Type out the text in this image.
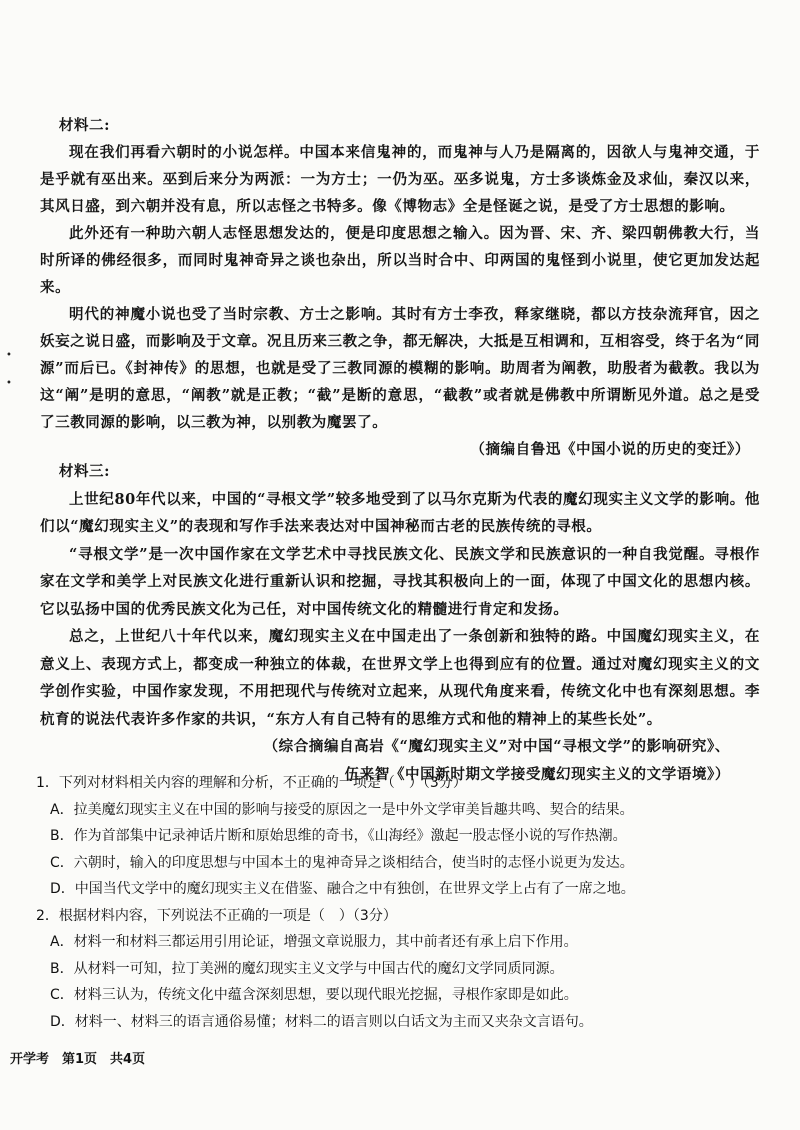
•
•

材料二:

现在我们再看六朝时的小说怎样。中国本来信鬼神的，而鬼神与人乃是隔离的，因欲人与鬼神交通，于是乎就有巫出来。巫到后来分为两派：一为方士；一仍为巫。巫多说鬼，方士多谈炼金及求仙，秦汉以来，其风日盛，到六朝并没有息，所以志怪之书特多。像《博物志》全是怪诞之说，是受了方士思想的影响。

此外还有一种助六朝人志怪思想发达的，便是印度思想之输入。因为晋、宋、齐、梁四朝佛教大行，当时所译的佛经很多，而同时鬼神奇异之谈也杂出，所以当时合中、印两国的鬼怪到小说里，使它更加发达起来。

明代的神魔小说也受了当时宗教、方士之影响。其时有方士李孜，释家继晓，都以方技杂流拜官，因之妖妄之说日盛，而影响及于文章。况且历来三教之争，都无解决，大抵是互相调和，互相容受，终于名为“同源”而后已。《封神传》的思想，也就是受了三教同源的模糊的影响。助周者为阐教，助殷者为截教。我以为这“阐”是明的意思，“阐教”就是正教；“截”是断的意思，“截教”或者就是佛教中所谓断见外道。总之是受了三教同源的影响，以三教为神，以别教为魔罢了。

（摘编自鲁迅《中国小说的历史的变迁》）

材料三:

上世纪80年代以来，中国的“寻根文学”较多地受到了以马尔克斯为代表的魔幻现实主义文学的影响。他们以“魔幻现实主义”的表现和写作手法来表达对中国神秘而古老的民族传统的寻根。

“寻根文学”是一次中国作家在文学艺术中寻找民族文化、民族文学和民族意识的一种自我觉醒。寻根作家在文学和美学上对民族文化进行重新认识和挖掘，寻找其积极向上的一面，体现了中国文化的思想内核。它以弘扬中国的优秀民族文化为己任，对中国传统文化的精髓进行肯定和发扬。

总之，上世纪八十年代以来，魔幻现实主义在中国走出了一条创新和独特的路。中国魔幻现实主义，在意义上、表现方式上，都变成一种独立的体裁，在世界文学上也得到应有的位置。通过对魔幻现实主义的文学创作实验，中国作家发现，不用把现代与传统对立起来，从现代角度来看，传统文化中也有深刻思想。李杭育的说法代表许多作家的共识，“东方人有自己特有的思维方式和他的精神上的某些长处”。

（综合摘编自高岩《“魔幻现实主义”对中国“寻根文学”的影响研究》、

伍来智《中国新时期文学接受魔幻现实主义的文学语境》）

1．下列对材料相关内容的理解和分析，不正确的一项是（　）（3分）

A．拉美魔幻现实主义在中国的影响与接受的原因之一是中外文学审美旨趣共鸣、契合的结果。

B．作为首部集中记录神话片断和原始思维的奇书，《山海经》激起一股志怪小说的写作热潮。

C．六朝时，输入的印度思想与中国本土的鬼神奇异之谈相结合，使当时的志怪小说更为发达。

D．中国当代文学中的魔幻现实主义在借鉴、融合之中有独创，在世界文学上占有了一席之地。

2．根据材料内容，下列说法不正确的一项是（　）（3分）

A．材料一和材料三都运用引用论证，增强文章说服力，其中前者还有承上启下作用。

B．从材料一可知，拉丁美洲的魔幻现实主义文学与中国古代的魔幻文学同质同源。

C．材料三认为，传统文化中蕴含深刻思想，要以现代眼光挖掘，寻根作家即是如此。

D．材料一、材料三的语言通俗易懂；材料二的语言则以白话文为主而又夹杂文言语句。

开学考　第1页　共4页
